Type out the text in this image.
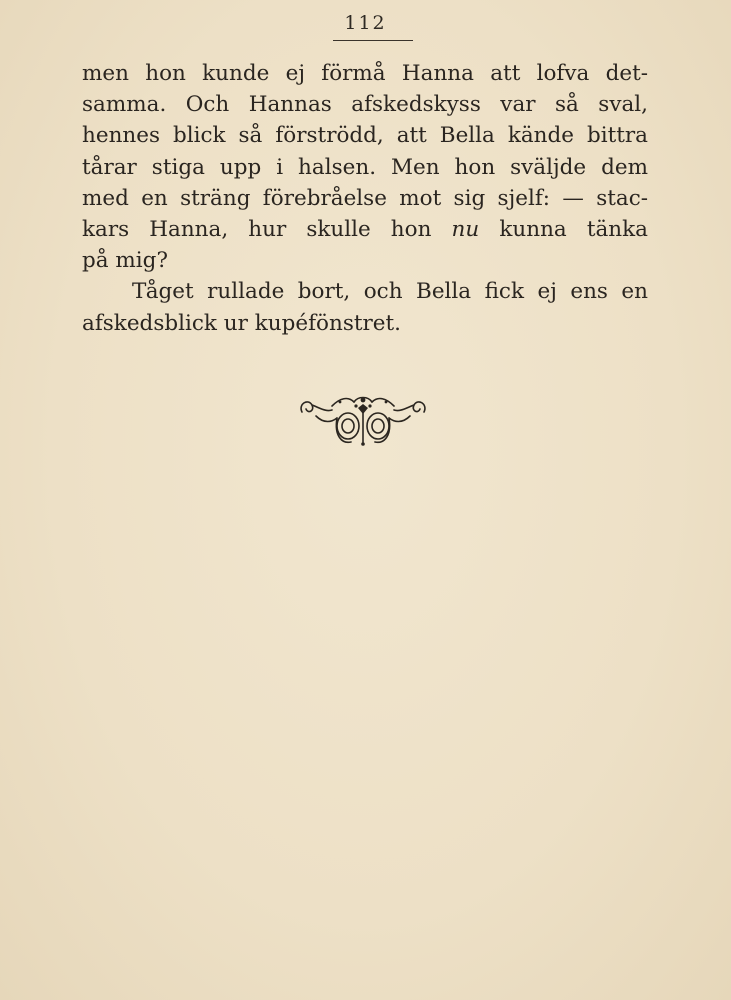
112
men hon kunde ej förmå Hanna att lofva det-
samma. Och Hannas afskedskyss var så sval,
hennes blick så förströdd, att Bella kände bittra
tårar stiga upp i halsen. Men hon sväljde dem
med en sträng förebråelse mot sig sjelf: — stac-
kars Hanna, hur skulle hon nu kunna tänka
på mig?
Tåget rullade bort, och Bella fick ej ens en
afskedsblick ur kupéfönstret.
